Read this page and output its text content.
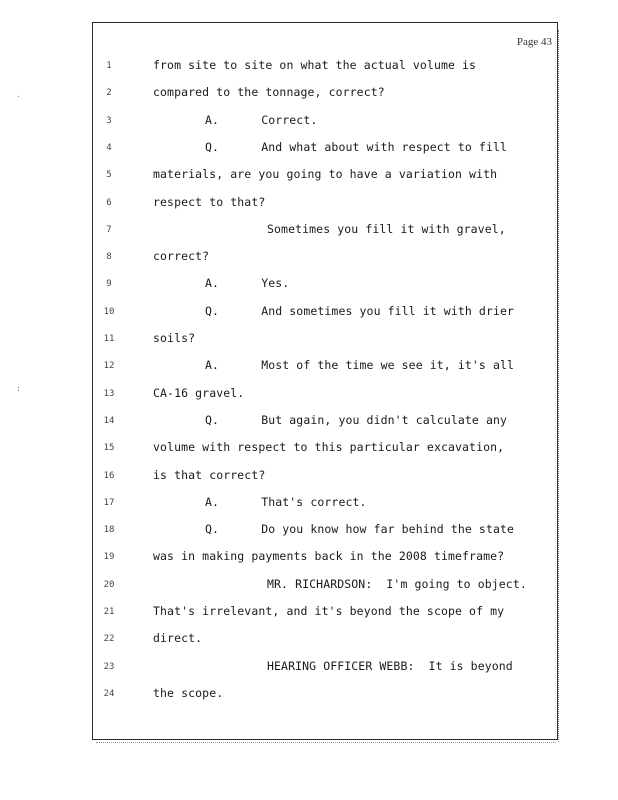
Page 43
·
:
1	from site to site on what the actual volume is
2	compared to the tonnage, correct?
3	A.      Correct.
4	Q.      And what about with respect to fill
5	materials, are you going to have a variation with
6	respect to that?
7	Sometimes you fill it with gravel,
8	correct?
9	A.      Yes.
10	Q.      And sometimes you fill it with drier
11	soils?
12	A.      Most of the time we see it, it's all
13	CA-16 gravel.
14	Q.      But again, you didn't calculate any
15	volume with respect to this particular excavation,
16	is that correct?
17	A.      That's correct.
18	Q.      Do you know how far behind the state
19	was in making payments back in the 2008 timeframe?
20	MR. RICHARDSON:  I'm going to object.
21	That's irrelevant, and it's beyond the scope of my
22	direct.
23	HEARING OFFICER WEBB:  It is beyond
24	the scope.
